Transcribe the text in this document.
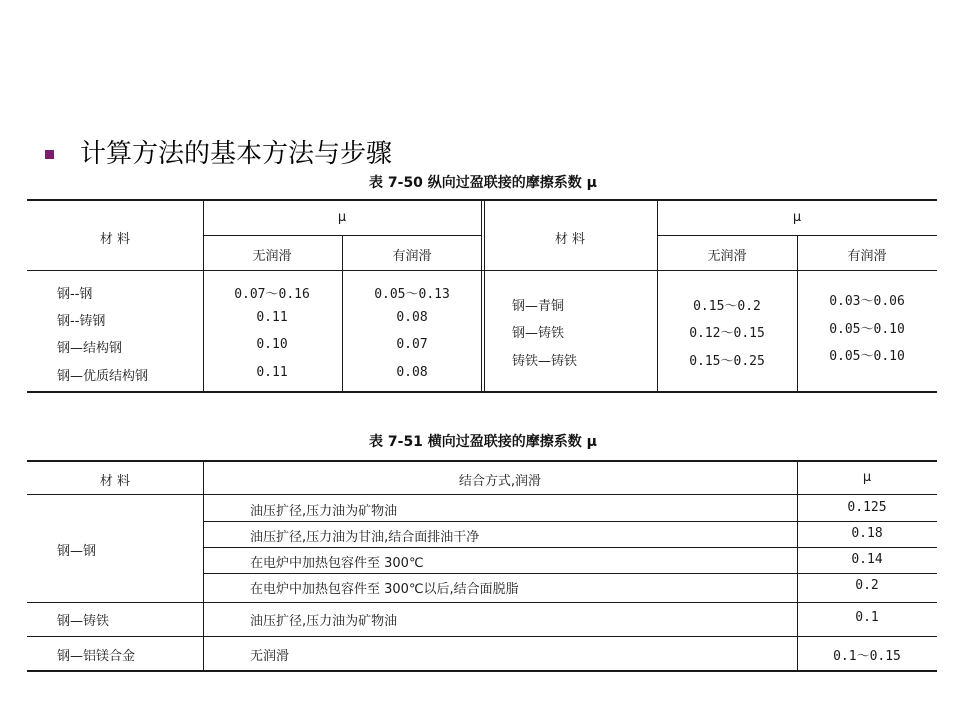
计算方法的基本方法与步骤
表 7-50 纵向过盈联接的摩擦系数 μ
材 料
μ
无润滑	有润滑
材 料
μ
无润滑	有润滑
钢--钢	0.07～0.16	0.05～0.13
钢--铸钢	0.11	0.08
钢—结构钢	0.10	0.07
钢—优质结构钢	0.11	0.08
钢—青铜	0.15～0.2	0.03～0.06
钢—铸铁	0.12～0.15	0.05～0.10
铸铁—铸铁	0.15～0.25	0.05～0.10
表 7-51 横向过盈联接的摩擦系数 μ
材 料	结合方式,润滑	μ
钢—钢
油压扩径,压力油为矿物油	0.125
油压扩径,压力油为甘油,结合面排油干净	0.18
在电炉中加热包容件至 300℃	0.14
在电炉中加热包容件至 300℃以后,结合面脱脂	0.2
钢—铸铁	油压扩径,压力油为矿物油	0.1
钢—铝镁合金	无润滑	0.1～0.15
